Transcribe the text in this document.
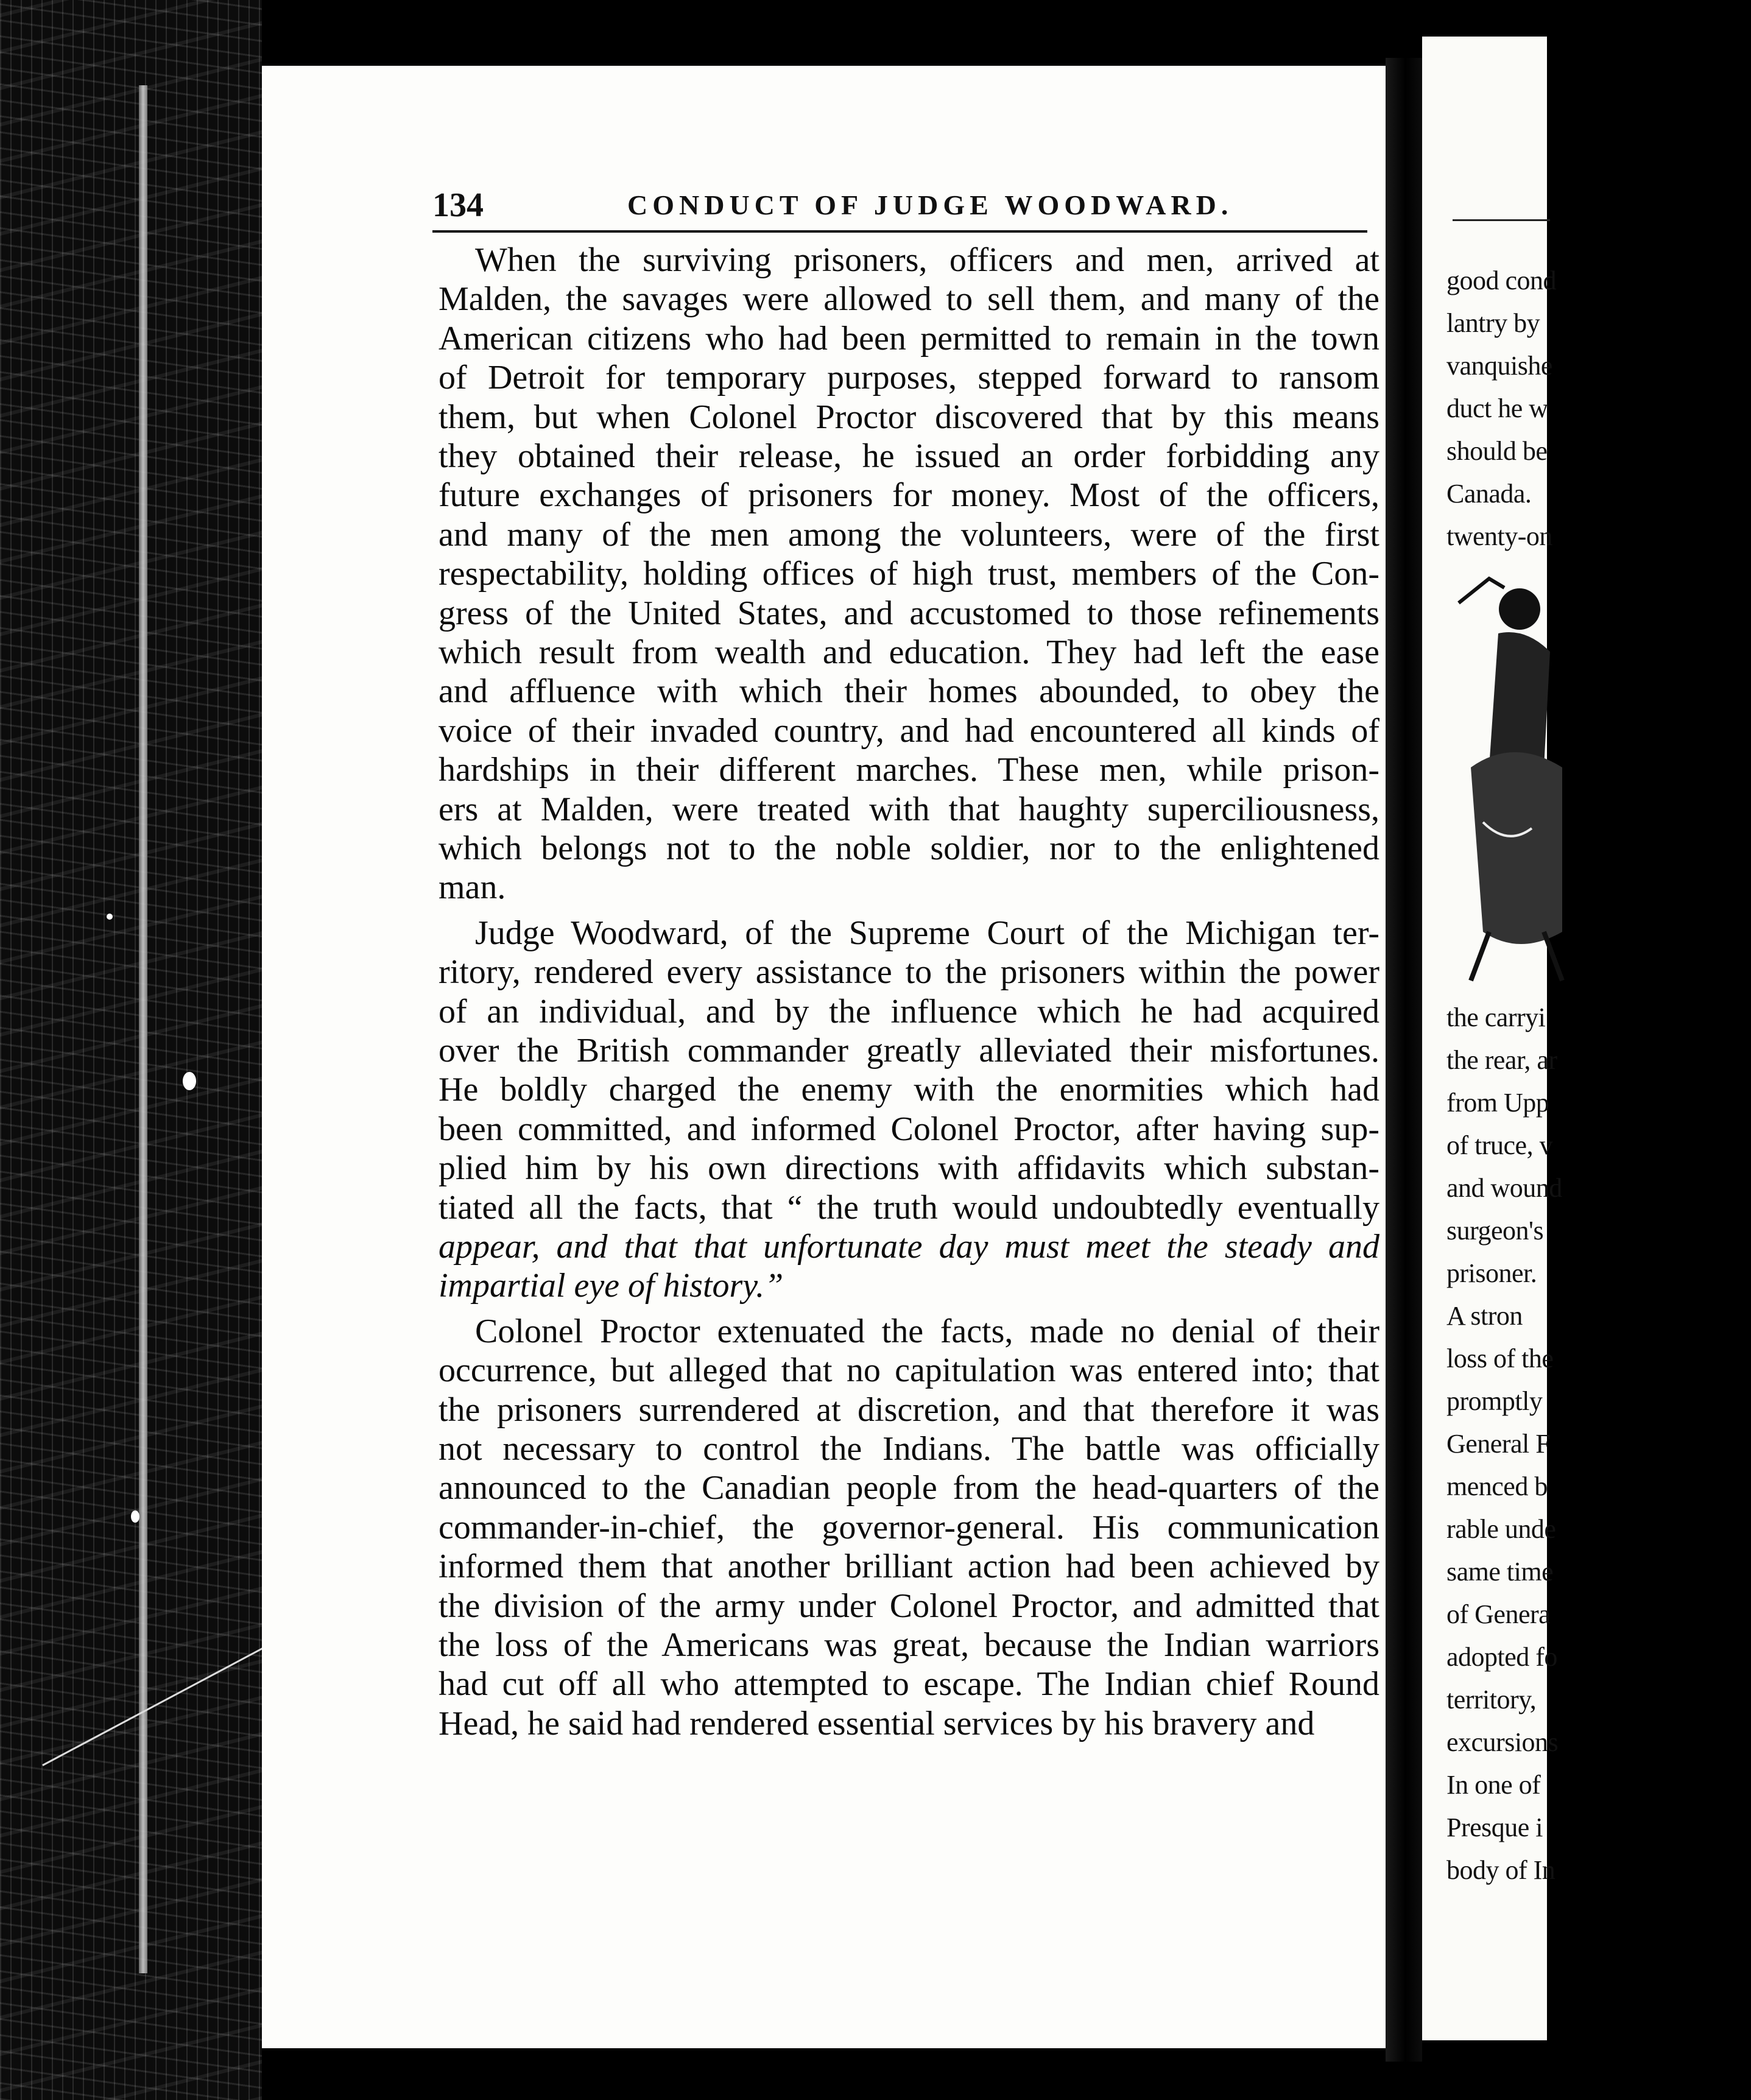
good cond
lantry by
vanquishe
duct he w
should be
Canada.
twenty-on
the carryi
the rear, ar
from Upp
of truce, v
and wound
surgeon's
prisoner.
A stron
loss of the
promptly
General F
menced b
rable unde
same time
of Genera
adopted fo
territory,
excursions
In one of
Presque i
body of In
134	CONDUCT OF JUDGE WOODWARD.
When the surviving prisoners, officers and men, arrived at
Malden, the savages were allowed to sell them, and many of the
American citizens who had been permitted to remain in the town
of Detroit for temporary purposes, stepped forward to ransom
them, but when Colonel Proctor discovered that by this means
they obtained their release, he issued an order forbidding any
future exchanges of prisoners for money. Most of the officers,
and many of the men among the volunteers, were of the first
respectability, holding offices of high trust, members of the Con-
gress of the United States, and accustomed to those refinements
which result from wealth and education. They had left the ease
and affluence with which their homes abounded, to obey the
voice of their invaded country, and had encountered all kinds of
hardships in their different marches. These men, while prison-
ers at Malden, were treated with that haughty superciliousness,
which belongs not to the noble soldier, nor to the enlightened
man.
Judge Woodward, of the Supreme Court of the Michigan ter-
ritory, rendered every assistance to the prisoners within the power
of an individual, and by the influence which he had acquired
over the British commander greatly alleviated their misfortunes.
He boldly charged the enemy with the enormities which had
been committed, and informed Colonel Proctor, after having sup-
plied him by his own directions with affidavits which substan-
tiated all the facts, that “ the truth would undoubtedly eventually
appear, and that that unfortunate day must meet the steady and
impartial eye of history.”
Colonel Proctor extenuated the facts, made no denial of their
occurrence, but alleged that no capitulation was entered into; that
the prisoners surrendered at discretion, and that therefore it was
not necessary to control the Indians. The battle was officially
announced to the Canadian people from the head-quarters of the
commander-in-chief, the governor-general. His communication
informed them that another brilliant action had been achieved by
the division of the army under Colonel Proctor, and admitted that
the loss of the Americans was great, because the Indian warriors
had cut off all who attempted to escape. The Indian chief Round
Head, he said had rendered essential services by his bravery and
